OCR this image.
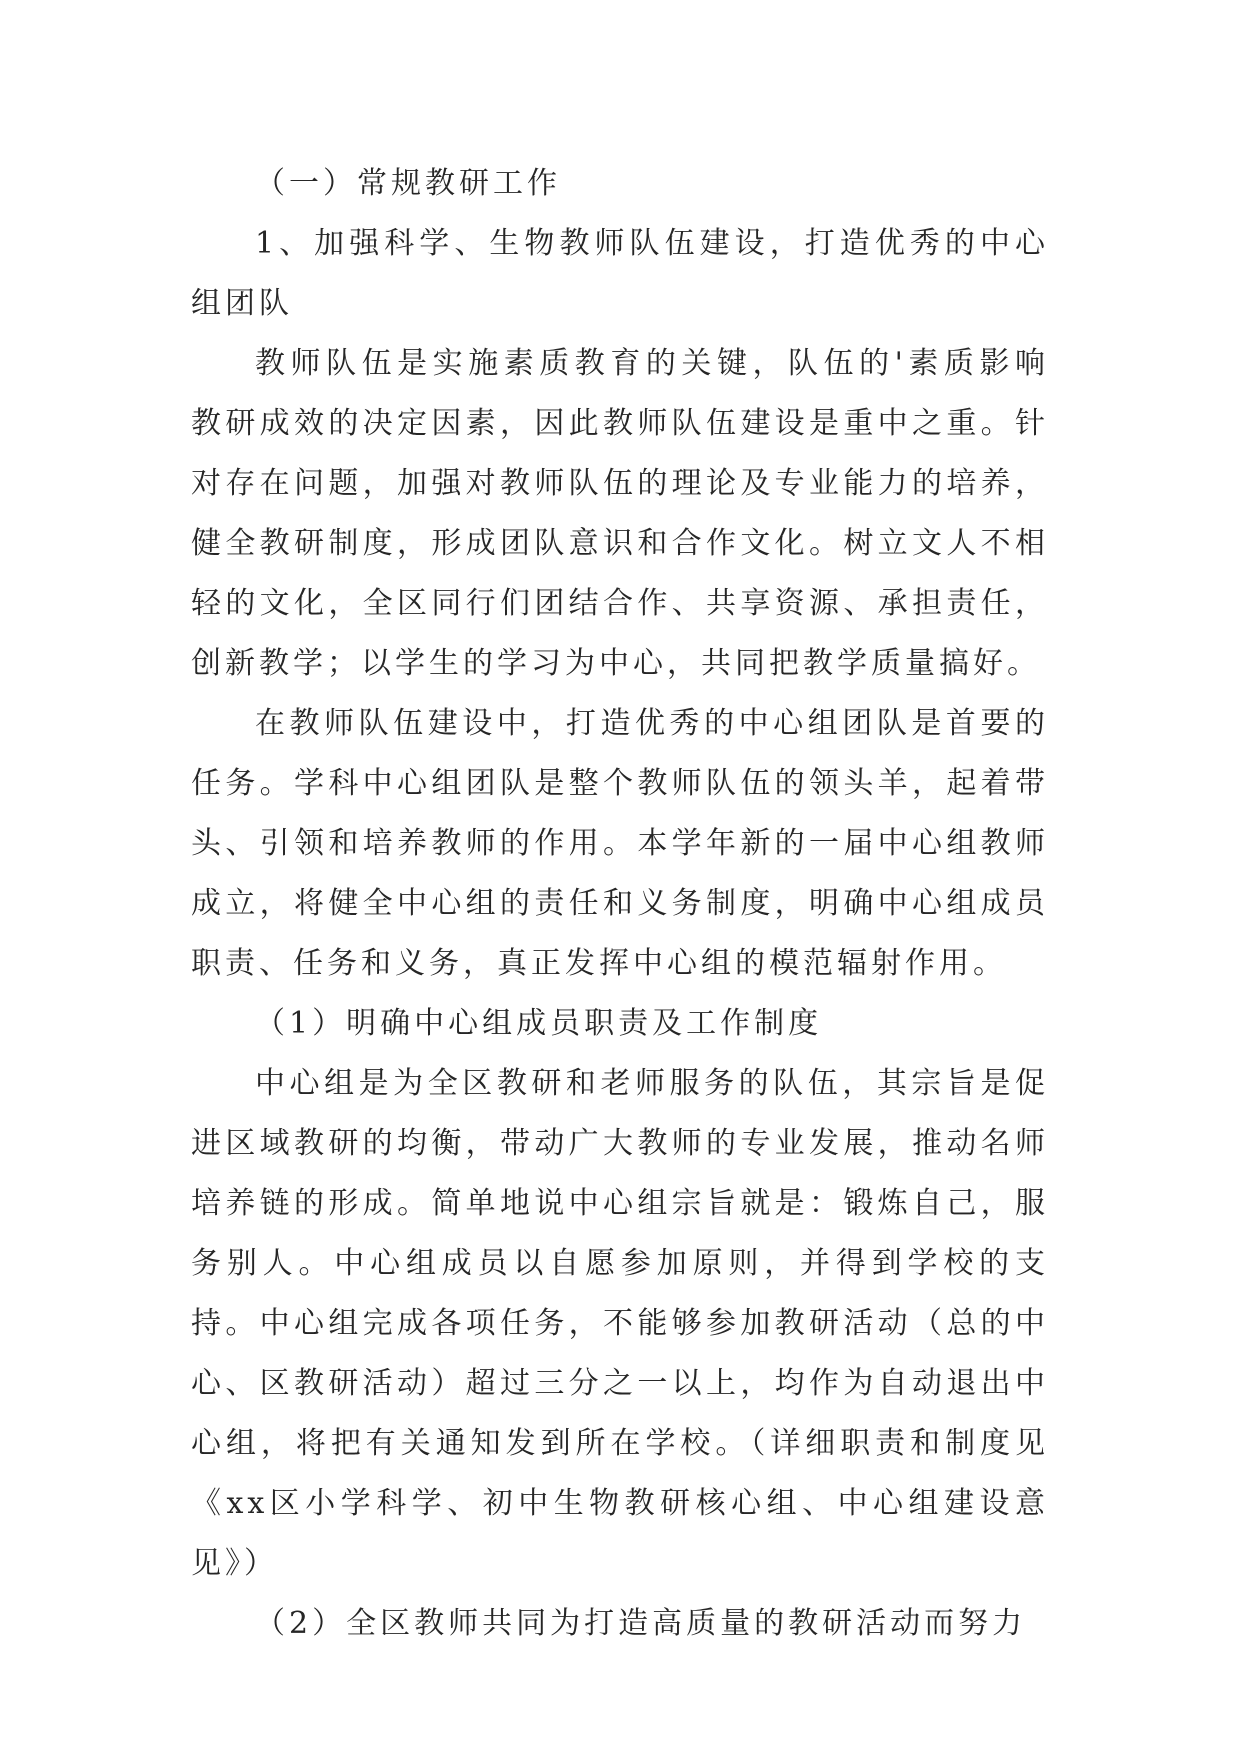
（一）常规教研工作

1、加强科学、生物教师队伍建设，打造优秀的中心组团队

教师队伍是实施素质教育的关键，队伍的'素质影响教研成效的决定因素，因此教师队伍建设是重中之重。针对存在问题，加强对教师队伍的理论及专业能力的培养，健全教研制度，形成团队意识和合作文化。树立文人不相轻的文化，全区同行们团结合作、共享资源、承担责任，创新教学；以学生的学习为中心，共同把教学质量搞好。

在教师队伍建设中，打造优秀的中心组团队是首要的任务。学科中心组团队是整个教师队伍的领头羊，起着带头、引领和培养教师的作用。本学年新的一届中心组教师成立，将健全中心组的责任和义务制度，明确中心组成员职责、任务和义务，真正发挥中心组的模范辐射作用。

（1）明确中心组成员职责及工作制度

中心组是为全区教研和老师服务的队伍，其宗旨是促进区域教研的均衡，带动广大教师的专业发展，推动名师培养链的形成。简单地说中心组宗旨就是：锻炼自己，服务别人。中心组成员以自愿参加原则，并得到学校的支持。中心组完成各项任务，不能够参加教研活动（总的中心、区教研活动）超过三分之一以上，均作为自动退出中心组，将把有关通知发到所在学校。（详细职责和制度见《xx区小学科学、初中生物教研核心组、中心组建设意见》）

（2）全区教师共同为打造高质量的教研活动而努力
